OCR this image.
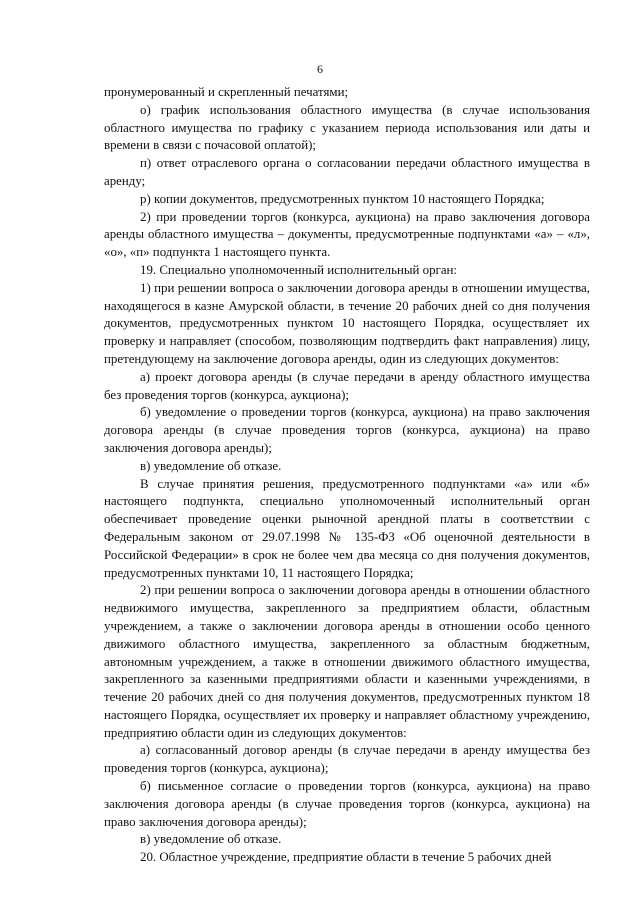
6

пронумерованный и скрепленный печатями;

о) график использования областного имущества (в случае использования областного имущества по графику с указанием периода использования или даты и времени в связи с почасовой оплатой);

п) ответ отраслевого органа о согласовании передачи областного имущества в аренду;

р) копии документов, предусмотренных пунктом 10 настоящего Порядка;

2) при проведении торгов (конкурса, аукциона) на право заключения договора аренды областного имущества – документы, предусмотренные подпунктами «а» – «л», «о», «п» подпункта 1 настоящего пункта.

19. Специально уполномоченный исполнительный орган:

1) при решении вопроса о заключении договора аренды в отношении имущества, находящегося в казне Амурской области, в течение 20 рабочих дней со дня получения документов, предусмотренных пунктом 10 настоящего Порядка, осуществляет их проверку и направляет (способом, позволяющим подтвердить факт направления) лицу, претендующему на заключение договора аренды, один из следующих документов:

а) проект договора аренды (в случае передачи в аренду областного имущества без проведения торгов (конкурса, аукциона);

б) уведомление о проведении торгов (конкурса, аукциона) на право заключения договора аренды (в случае проведения торгов (конкурса, аукциона) на право заключения договора аренды);

в) уведомление об отказе.

В случае принятия решения, предусмотренного подпунктами «а» или «б» настоящего подпункта, специально уполномоченный исполнительный орган обеспечивает проведение оценки рыночной арендной платы в соответствии с Федеральным законом от 29.07.1998 № 135-ФЗ «Об оценочной деятельности в Российской Федерации» в срок не более чем два месяца со дня получения документов, предусмотренных пунктами 10, 11 настоящего Порядка;

2) при решении вопроса о заключении договора аренды в отношении областного недвижимого имущества, закрепленного за предприятием области, областным учреждением, а также о заключении договора аренды в отношении особо ценного движимого областного имущества, закрепленного за областным бюджетным, автономным учреждением, а также в отношении движимого областного имущества, закрепленного за казенными предприятиями области и казенными учреждениями, в течение 20 рабочих дней со дня получения документов, предусмотренных пунктом 18 настоящего Порядка, осуществляет их проверку и направляет областному учреждению, предприятию области один из следующих документов:

а) согласованный договор аренды (в случае передачи в аренду имущества без проведения торгов (конкурса, аукциона);

б) письменное согласие о проведении торгов (конкурса, аукциона) на право заключения договора аренды (в случае проведения торгов (конкурса, аукциона) на право заключения договора аренды);

в) уведомление об отказе.

20. Областное учреждение, предприятие области в течение 5 рабочих дней
